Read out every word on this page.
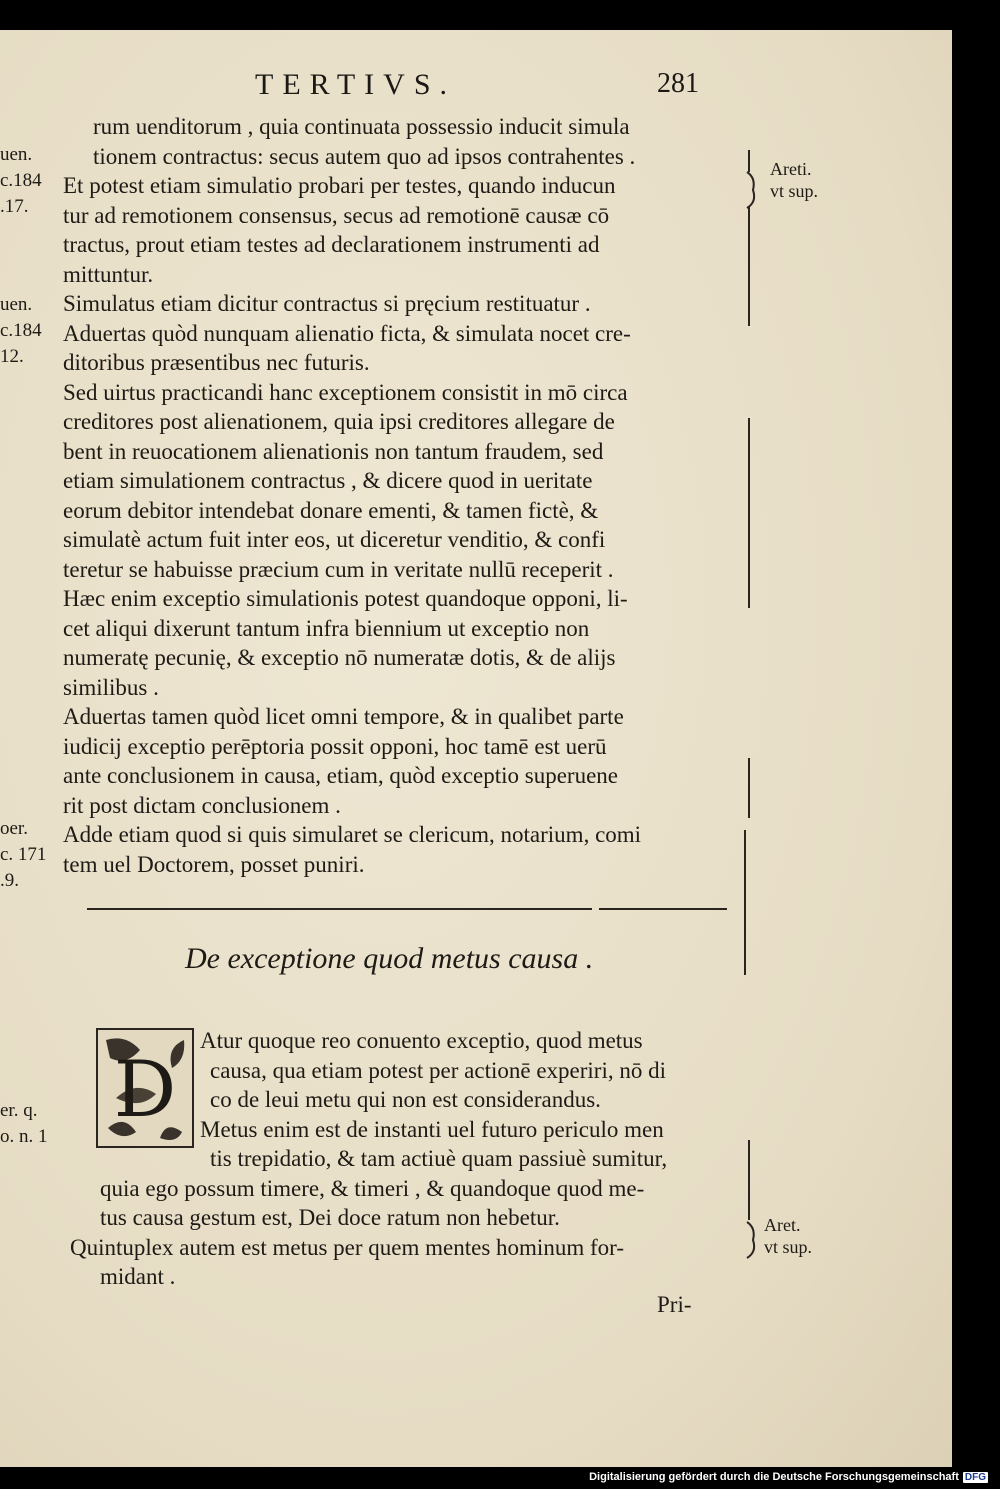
TERTIVS.	281
uen.
c.184
.17.
uen.
c.184
12.
oer.
c. 171
.9.
er. q.
o. n. 1

rum uenditorum , quia continuata possessio inducit simula
tionem contractus: secus autem quo ad ipsos contrahentes .

Et potest etiam simulatio probari per testes, quando inducun
tur ad remotionem consensus, secus ad remotionē causæ cō
tractus, prout etiam testes ad declarationem instrumenti ad
mittuntur.

Simulatus etiam dicitur contractus si pręcium restituatur .

Aduertas quòd nunquam alienatio ficta, & simulata nocet cre-
ditoribus præsentibus nec futuris.

Sed uirtus practicandi hanc exceptionem consistit in mō circa
creditores post alienationem, quia ipsi creditores allegare de
bent in reuocationem alienationis non tantum fraudem, sed
etiam simulationem contractus , & dicere quod in ueritate
eorum debitor intendebat donare ementi, & tamen fictè, &
simulatè actum fuit inter eos, ut diceretur venditio, & confi
teretur se habuisse præcium cum in veritate nullū receperit .

Hæc enim exceptio simulationis potest quandoque opponi, li-
cet aliqui dixerunt tantum infra biennium ut exceptio non
numeratę pecunię, & exceptio nō numeratæ dotis, & de alijs
similibus .

Aduertas tamen quòd licet omni tempore, & in qualibet parte
iudicij exceptio perēptoria possit opponi, hoc tamē est uerū
ante conclusionem in causa, etiam, quòd exceptio superuene
rit post dictam conclusionem .

Adde etiam quod si quis simularet se clericum, notarium, comi
tem uel Doctorem, posset puniri.

Areti.
vt sup.
Aret.
vt sup.
De exceptione quod metus causa .
D
Atur quoque reo conuento exceptio, quod metus
causa, qua etiam potest per actionē experiri, nō di
co de leui metu qui non est considerandus.
Metus enim est de instanti uel futuro periculo men
tis trepidatio, & tam actiuè quam passiuè sumitur,
quia ego possum timere, & timeri , & quandoque quod me-
tus causa gestum est, Dei doce ratum non hebetur.
Quintuplex autem est metus per quem mentes hominum for-
midant .
Pri-
Digitalisierung gefördert durch die Deutsche Forschungsgemeinschaft DFG
